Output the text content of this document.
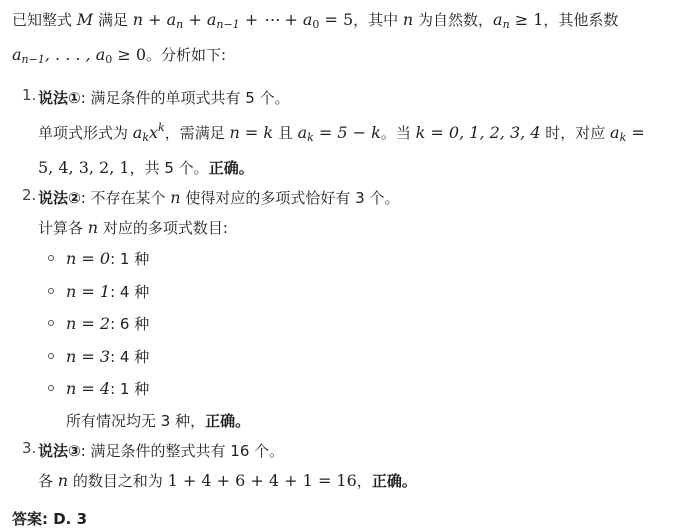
已知整式 M 满足 $n + a_n + a_{n-1}$ + ⋯ + $a_0 = 5$，其中 n 为自然数，$a_n \ge 1$，其他系数
$a_{n-1}$, . . . , $a_0 \ge 0$。分析如下:

1. 说法①: 满足条件的单项式共有 5 个。
单项式形式为 $a_kx^k$，需满足 n = k 且 $a_k = 5 - k$。当 k = 0, 1, 2, 3, 4 时，对应 $a_k$ =
5, 4, 3, 2, 1，共 5 个。正确。
2. 说法②: 不存在某个 n 使得对应的多项式恰好有 3 个。
计算各 n 对应的多项式数目:
n = 0: 1 种
n = 1: 4 种
n = 2: 6 种
n = 3: 4 种
n = 4: 1 种
所有情况均无 3 种，正确。
3. 说法③: 满足条件的整式共有 16 个。
各 n 的数目之和为 1 + 4 + 6 + 4 + 1 = 16，正确。
答案: D. 3
